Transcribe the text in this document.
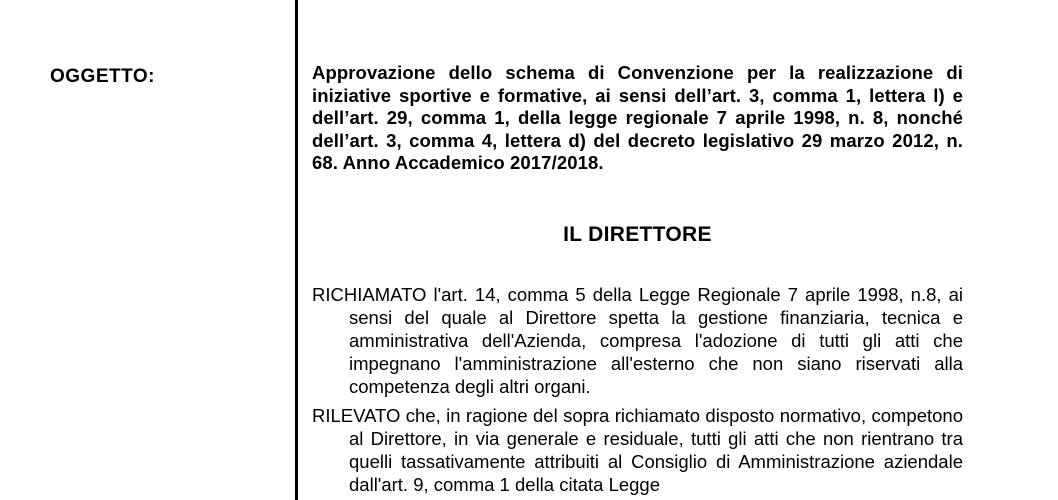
OGGETTO:	Approvazione dello schema di Convenzione per la realizzazione di iniziative sportive e formative, ai sensi dell’art. 3, comma 1, lettera l) e dell’art. 29, comma 1, della legge regionale 7 aprile 1998, n. 8, nonché dell’art. 3, comma 4, lettera d) del decreto legislativo 29 marzo 2012, n. 68. Anno Accademico 2017/2018.

IL DIRETTORE

RICHIAMATO l'art. 14, comma 5 della Legge Regionale 7 aprile 1998, n.8, ai sensi del quale al Direttore spetta la gestione finanziaria, tecnica e amministrativa dell'Azienda, compresa l'adozione di tutti gli atti che impegnano l'amministrazione all'esterno che non siano riservati alla competenza degli altri organi.

RILEVATO che, in ragione del sopra richiamato disposto normativo, competono al Direttore, in via generale e residuale, tutti gli atti che non rientrano tra quelli tassativamente attribuiti al Consiglio di Amministrazione aziendale dall'art. 9, comma 1 della citata Legge
